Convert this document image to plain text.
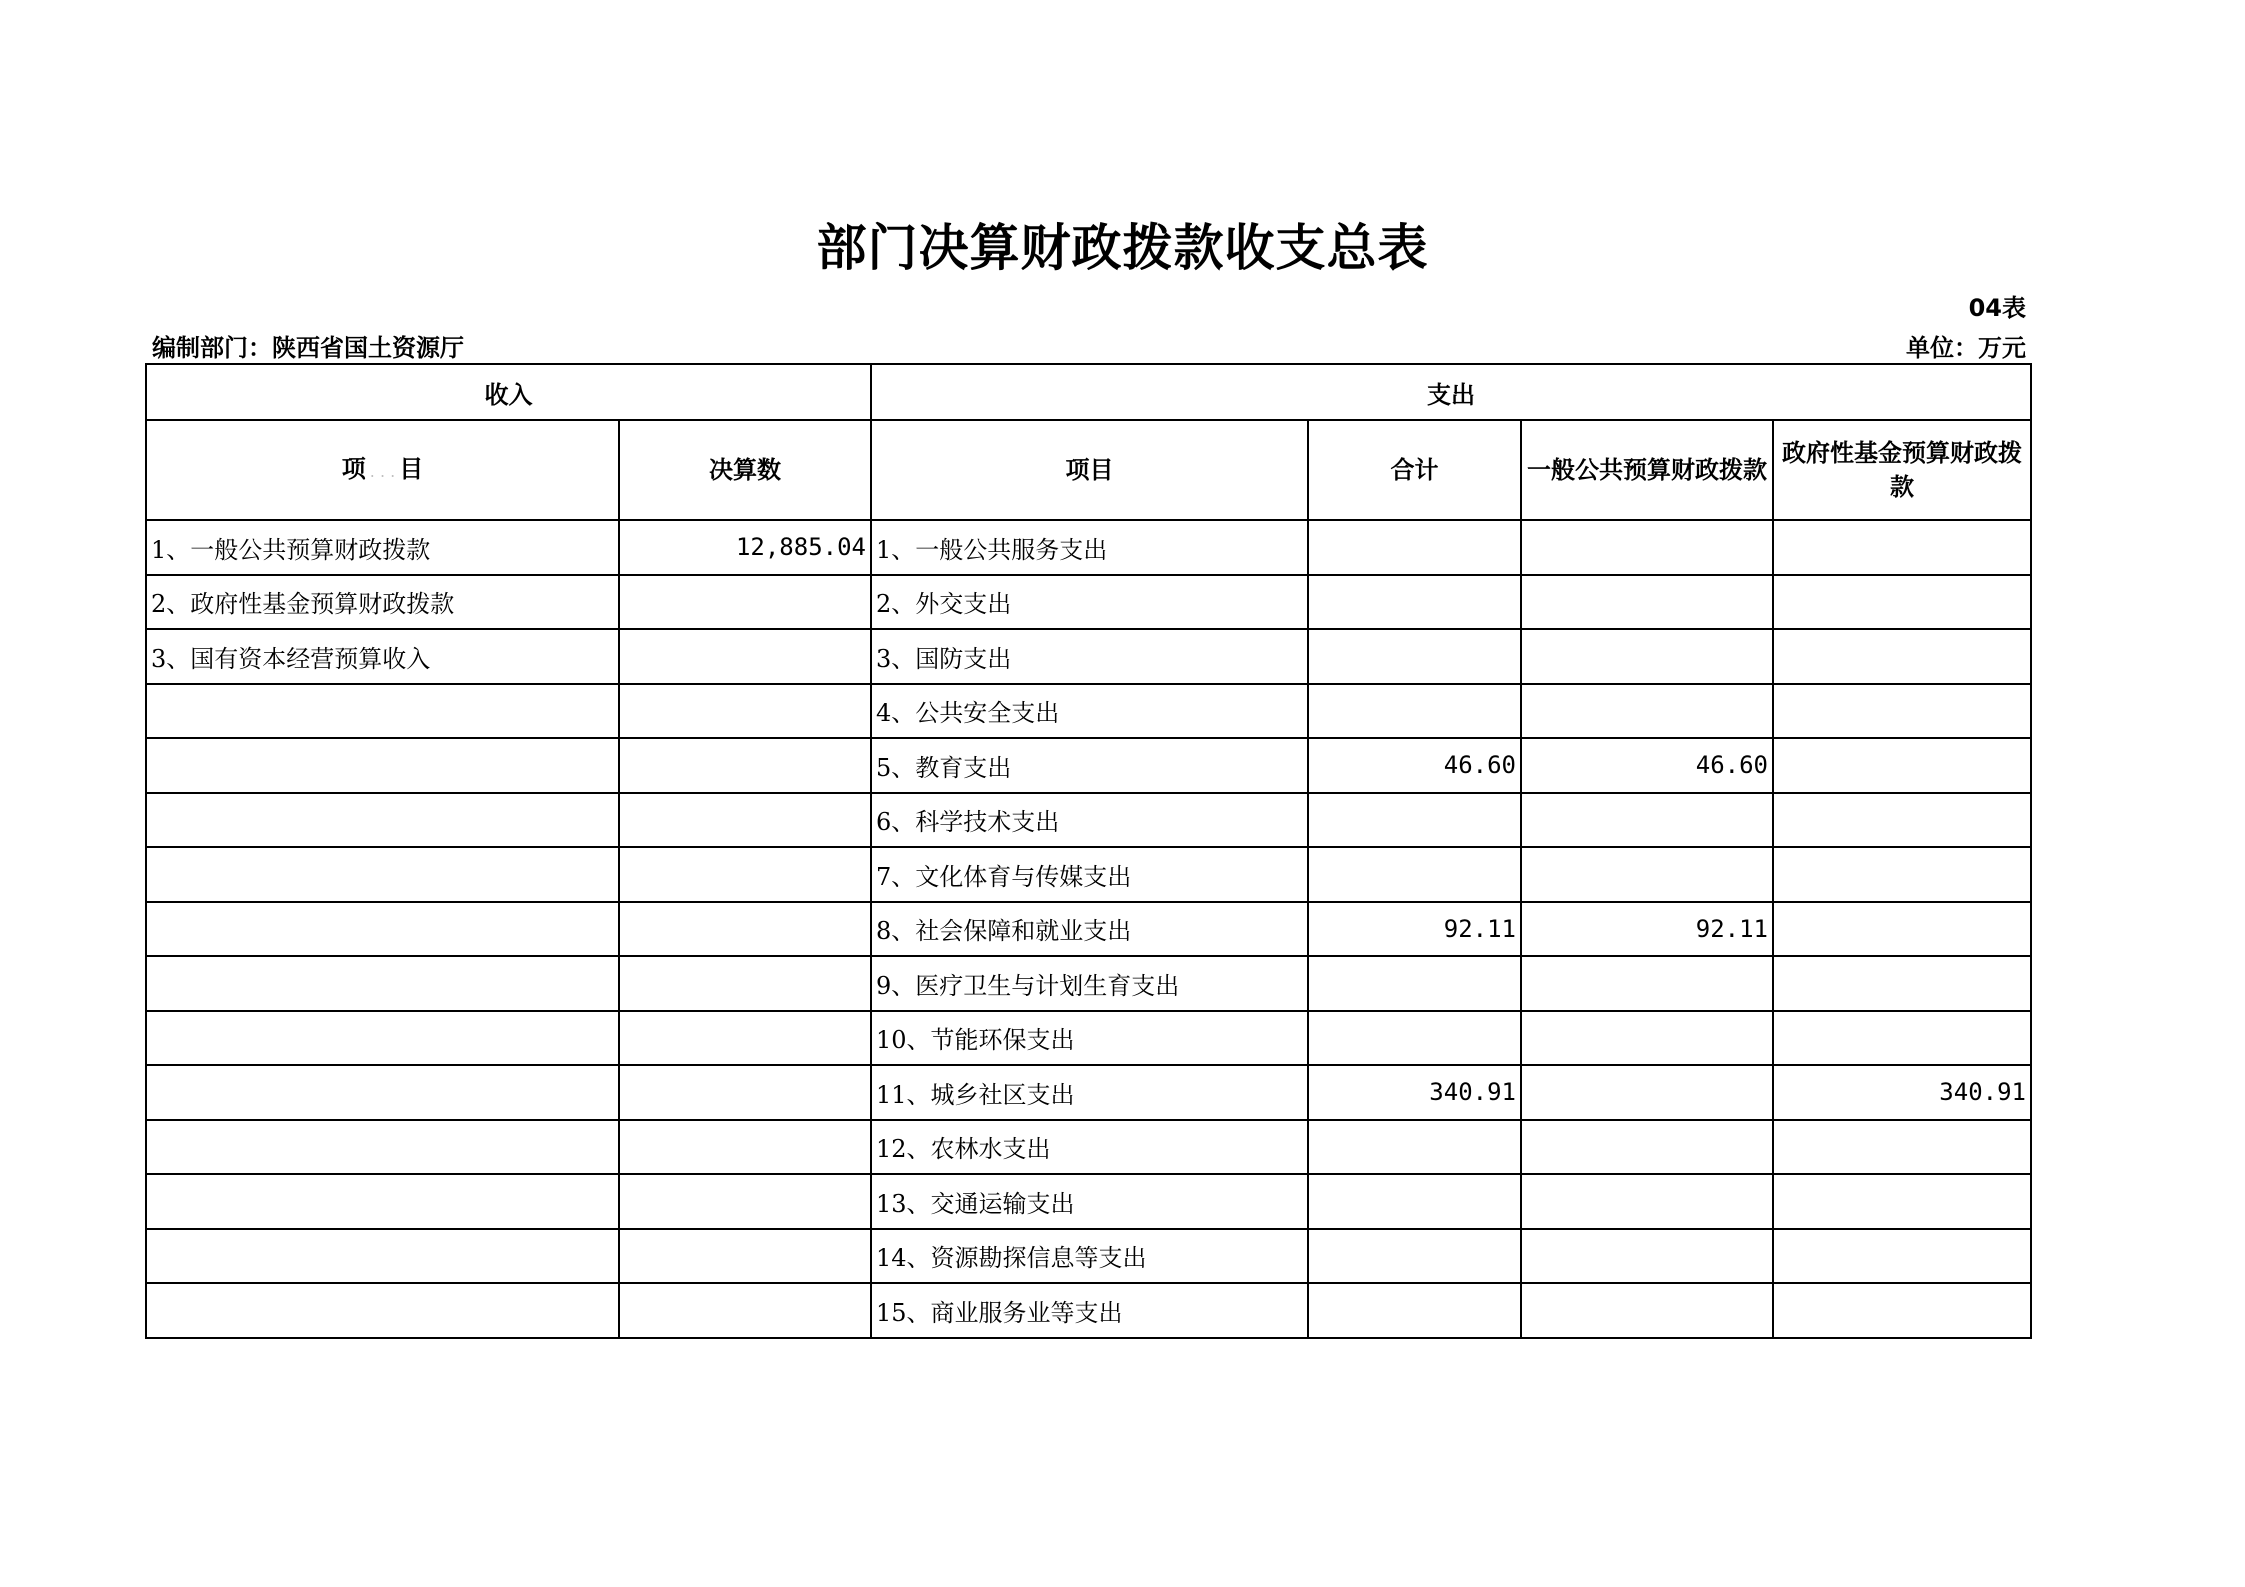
部门决算财政拨款收支总表
04表
编制部门：陕西省国土资源厅	单位：万元
收入		支出			
项 . . . 目	决算数	项目	合计	一般公共预算财政拨款	政府性基金预算财政拨款
1、一般公共预算财政拨款	12,885.04	1、一般公共服务支出			
2、政府性基金预算财政拨款		2、外交支出			
3、国有资本经营预算收入		3、国防支出			
		4、公共安全支出			
		5、教育支出	46.60	46.60	
		6、科学技术支出			
		7、文化体育与传媒支出			
		8、社会保障和就业支出	92.11	92.11	
		9、医疗卫生与计划生育支出			
		10、节能环保支出			
		11、城乡社区支出	340.91		340.91
		12、农林水支出			
		13、交通运输支出			
		14、资源勘探信息等支出			
		15、商业服务业等支出			
